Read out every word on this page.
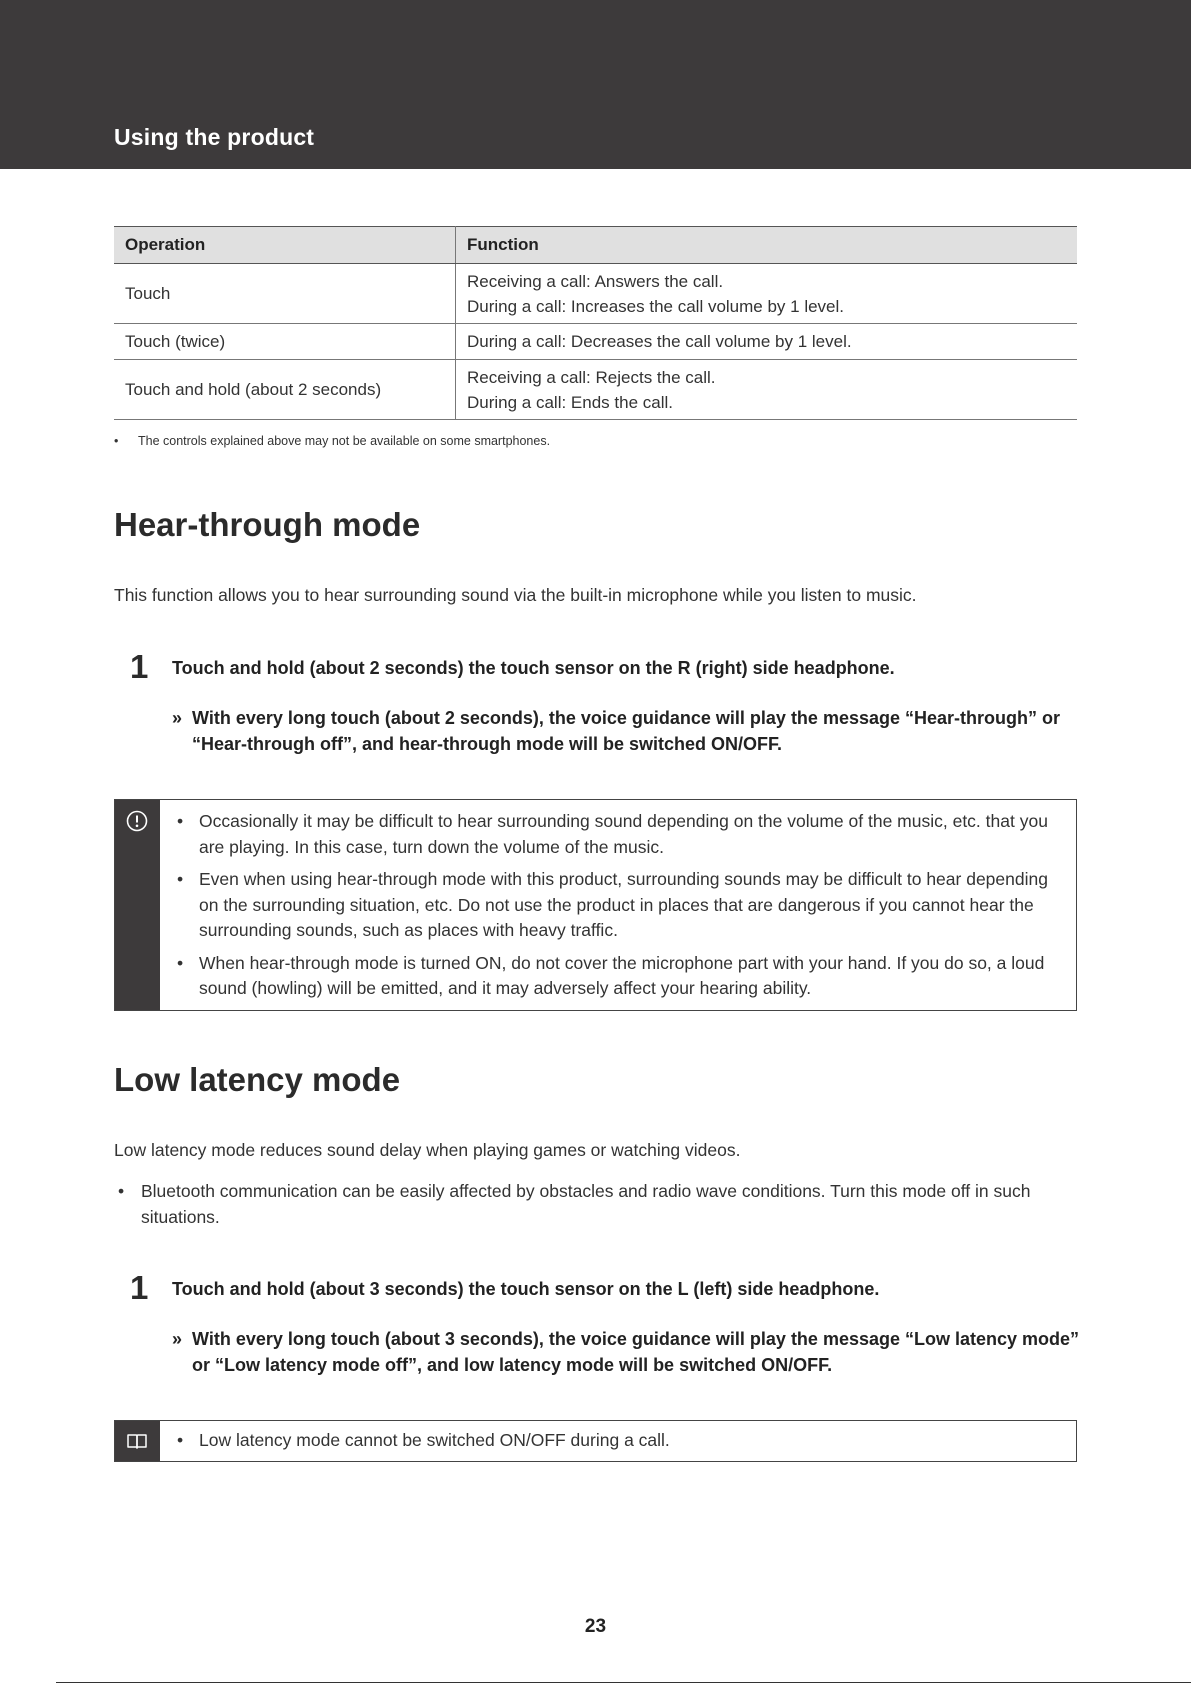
Using the product
Operation	Function
Touch	Receiving a call: Answers the call.
During a call: Increases the call volume by 1 level.

Touch (twice)	During a call: Decreases the call volume by 1 level.

Touch and hold (about 2 seconds)	Receiving a call: Rejects the call.
During a call: Ends the call.
• The controls explained above may not be available on some smartphones.
Hear-through mode

This function allows you to hear surrounding sound via the built-in microphone while you listen to music.

1 Touch and hold (about 2 seconds) the touch sensor on the R (right) side headphone.

» With every long touch (about 2 seconds), the voice guidance will play the message “Hear-through” or “Hear-through off”, and hear-through mode will be switched ON/OFF.
• Occasionally it may be difficult to hear surrounding sound depending on the volume of the music, etc. that you are playing. In this case, turn down the volume of the music.
• Even when using hear-through mode with this product, surrounding sounds may be difficult to hear depending on the surrounding situation, etc. Do not use the product in places that are dangerous if you cannot hear the surrounding sounds, such as places with heavy traffic.
• When hear-through mode is turned ON, do not cover the microphone part with your hand. If you do so, a loud sound (howling) will be emitted, and it may adversely affect your hearing ability.
Low latency mode

Low latency mode reduces sound delay when playing games or watching videos.

• Bluetooth communication can be easily affected by obstacles and radio wave conditions. Turn this mode off in such situations.

1 Touch and hold (about 3 seconds) the touch sensor on the L (left) side headphone.

» With every long touch (about 3 seconds), the voice guidance will play the message “Low latency mode” or “Low latency mode off”, and low latency mode will be switched ON/OFF.
• Low latency mode cannot be switched ON/OFF during a call.
23
